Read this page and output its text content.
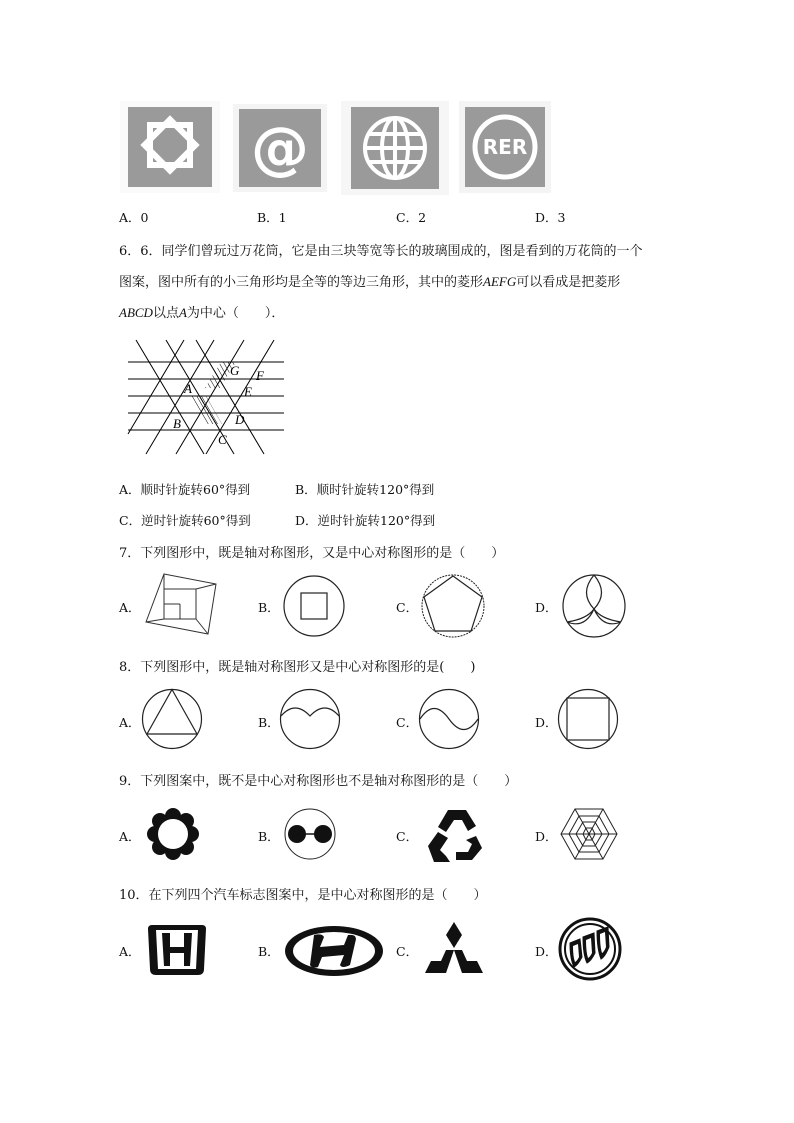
@	RER
A．0	B．1	C．2	D．3
6．6．同学们曾玩过万花筒，它是由三块等宽等长的玻璃围成的，图是看到的万花筒的一个
图案，图中所有的小三角形均是全等的等边三角形，其中的菱形AEFG可以看成是把菱形
ABCD以点A为中心（　　）．
G F
A	E
D
B
C
A．顺时针旋转60°得到	B．顺时针旋转120°得到
C．逆时针旋转60°得到	D．逆时针旋转120°得到
7．下列图形中，既是轴对称图形，又是中心对称图形的是（　　）
A．	B．	C．	D．
8．下列图形中，既是轴对称图形又是中心对称图形的是(　　)
A．	B．	C．	D．
9．下列图案中，既不是中心对称图形也不是轴对称图形的是（　　）
A．	B．	C．	D．
10．在下列四个汽车标志图案中，是中心对称图形的是（　　）
A．	B．	C．	D．
